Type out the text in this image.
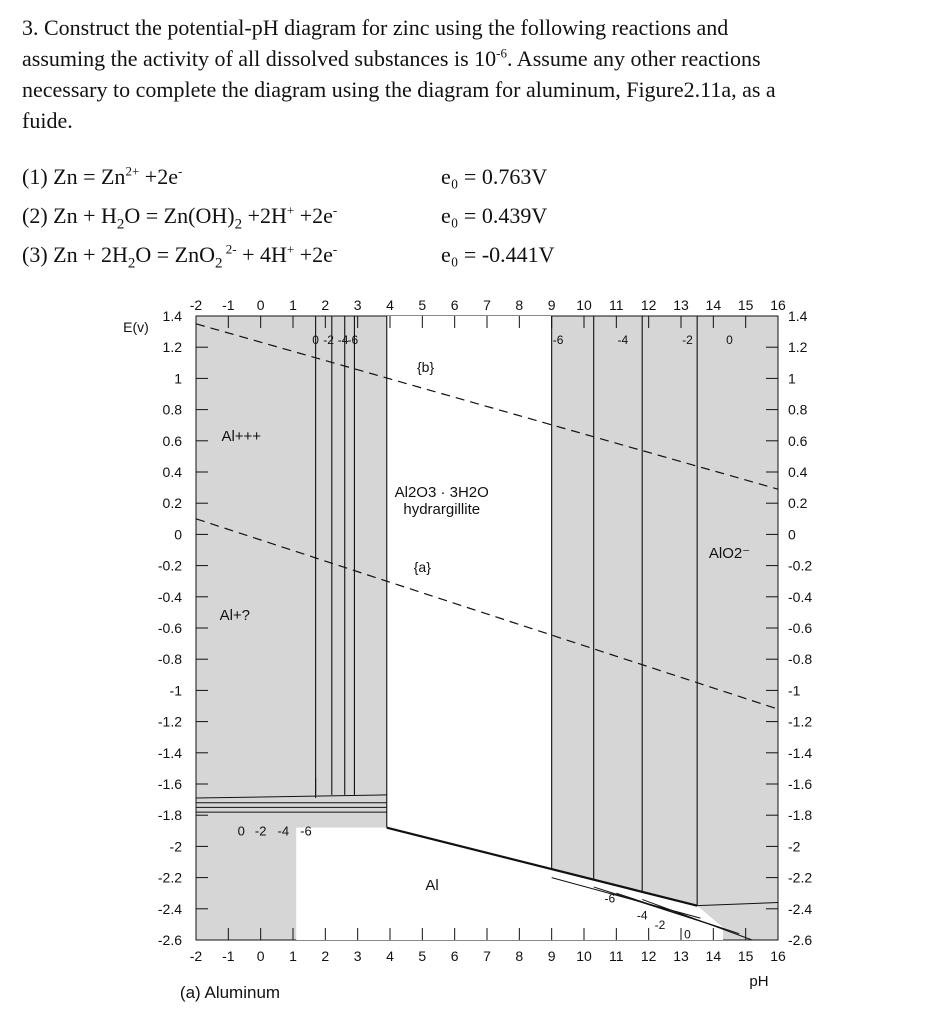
3. Construct the potential-pH diagram for zinc using the following reactions and
assuming the activity of all dissolved substances is $10^{-6}$. Assume any other reactions
necessary to complete the diagram using the diagram for aluminum, Figure2.11a, as a
fuide.
(1) $Zn = Zn^{2+} +2e^-$	e₀ = 0.763V
(2) $Zn + H_2O = Zn(OH)_2 +2H^+ +2e^-$	e₀ = 0.439V
(3) $Zn + 2H_2O = ZnO_2$ $^{2-}$ + 4H+ +2e-	e₀ = -0.441V
1.4	1.4
1.2	1.2
1	1
0.8	0.8
0.6	0.6
0.4	0.4
0.2	0.2
0	0
-0.2	-0.2
-0.4	-0.4
-0.6	-0.6
-0.8	-0.8
-1	-1
-1.2	-1.2
-1.4	-1.4
-1.6	-1.6
-1.8	-1.8
-2	-2
-2.2	-2.2
-2.4	-2.4
-2.6	-2.6
-2
-2
-1
-1
0
0
1
1
2
2
3
3
4
4
5
5
6
6
7
7
8
8
9
9
10
10
11
11
12
12
13
13
14
14
15
15
16
16
E(v)
pH
(a) Aluminum
Al+++
Al+?
Al2O3 · 3H2O
hydrargillite
AlO2⁻
Al
{b}
{a}
0 -2 -4 -6	-6	-4	-2	0
0 -2 -4 -6
-6
-4
-2
0
